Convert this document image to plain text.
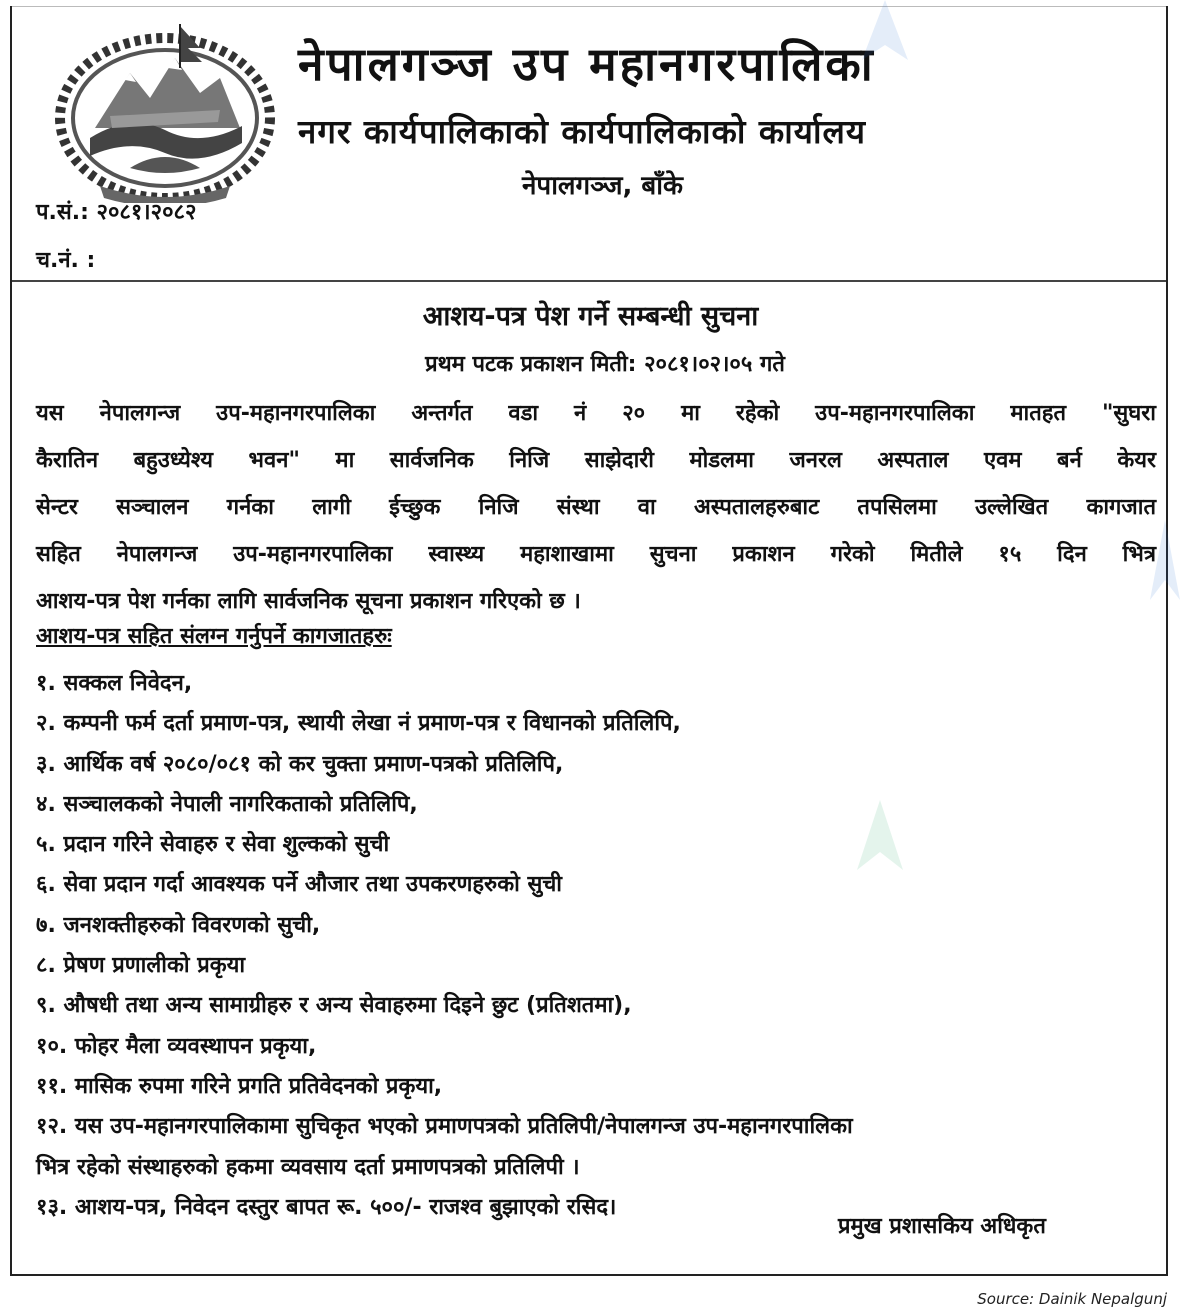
नेपालगञ्ज उप महानगरपालिका
नगर कार्यपालिकाको कार्यपालिकाको कार्यालय
नेपालगञ्ज, बाँके
प.सं.: २०८१।२०८२
च.नं. :
आशय-पत्र पेश गर्ने सम्बन्धी सुचना
प्रथम पटक प्रकाशन मिती: २०८१।०२।०५ गते
यस नेपालगन्ज उप-महानगरपालिका अन्तर्गत वडा नं २० मा रहेको उप-महानगरपालिका मातहत "सुघरा
कैरातिन बहुउध्येश्य भवन" मा सार्वजनिक निजि साझेदारी मोडलमा जनरल अस्पताल एवम बर्न केयर
सेन्टर सञ्चालन गर्नका लागी ईच्छुक निजि संस्था वा अस्पतालहरुबाट तपसिलमा उल्लेखित कागजात
सहित नेपालगन्ज उप-महानगरपालिका स्वास्थ्य महाशाखामा सुचना प्रकाशन गरेको मितीले १५ दिन भित्र
आशय-पत्र पेश गर्नका लागि सार्वजनिक सूचना प्रकाशन गरिएको छ ।
आशय-पत्र सहित संलग्न गर्नुपर्ने कागजातहरुः
१. सक्कल निवेदन,
२. कम्पनी फर्म दर्ता प्रमाण-पत्र, स्थायी लेखा नं प्रमाण-पत्र र विधानको प्रतिलिपि,
३. आर्थिक वर्ष २०८०/०८१ को कर चुक्ता प्रमाण-पत्रको प्रतिलिपि,
४. सञ्चालकको नेपाली नागरिकताको प्रतिलिपि,
५. प्रदान गरिने सेवाहरु र सेवा शुल्कको सुची
६. सेवा प्रदान गर्दा आवश्यक पर्ने औजार तथा उपकरणहरुको सुची
७. जनशक्तीहरुको विवरणको सुची,
८. प्रेषण प्रणालीको प्रकृया
९. औषधी तथा अन्य सामाग्रीहरु र अन्य सेवाहरुमा दिइने छुट (प्रतिशतमा),
१०. फोहर मैला व्यवस्थापन प्रकृया,
११. मासिक रुपमा गरिने प्रगति प्रतिवेदनको प्रकृया,
१२. यस उप-महानगरपालिकामा सुचिकृत भएको प्रमाणपत्रको प्रतिलिपी/नेपालगन्ज उप-महानगरपालिका
भित्र रहेको संस्थाहरुको हकमा व्यवसाय दर्ता प्रमाणपत्रको प्रतिलिपी ।
१३. आशय-पत्र, निवेदन दस्तुर बापत रू. ५००/- राजश्व बुझाएको रसिद।
प्रमुख प्रशासकिय अधिकृत
Source: Dainik Nepalgunj
